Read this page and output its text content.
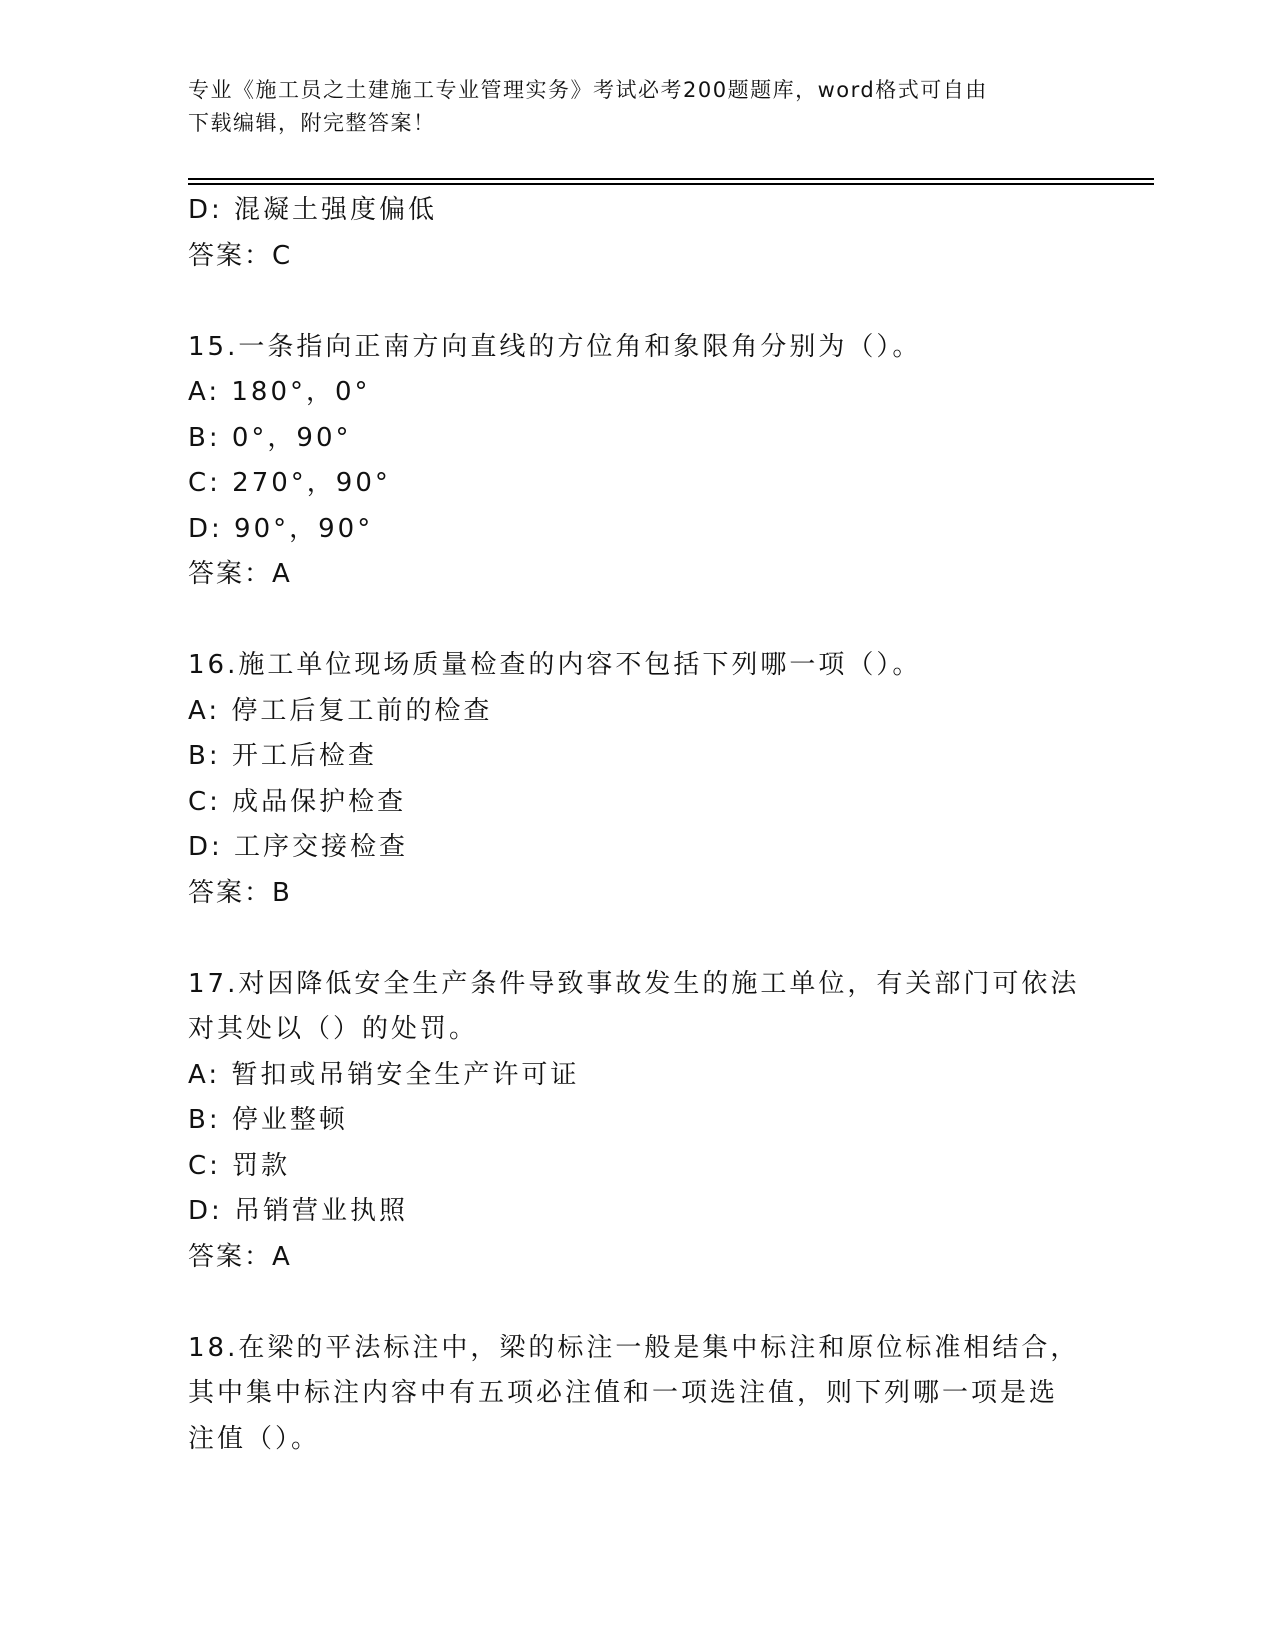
专业《施工员之土建施工专业管理实务》考试必考200题题库，word格式可自由
下载编辑，附完整答案！
D: 混凝土强度偏低
答案：C
15.一条指向正南方向直线的方位角和象限角分别为（）。
A: 180°，0°
B: 0°，90°
C: 270°，90°
D: 90°，90°
答案：A
16.施工单位现场质量检查的内容不包括下列哪一项（）。
A: 停工后复工前的检查
B: 开工后检查
C: 成品保护检查
D: 工序交接检查
答案：B
17.对因降低安全生产条件导致事故发生的施工单位，有关部门可依法
对其处以（）的处罚。
A: 暂扣或吊销安全生产许可证
B: 停业整顿
C: 罚款
D: 吊销营业执照
答案：A
18.在梁的平法标注中，梁的标注一般是集中标注和原位标准相结合，
其中集中标注内容中有五项必注值和一项选注值，则下列哪一项是选
注值（）。
